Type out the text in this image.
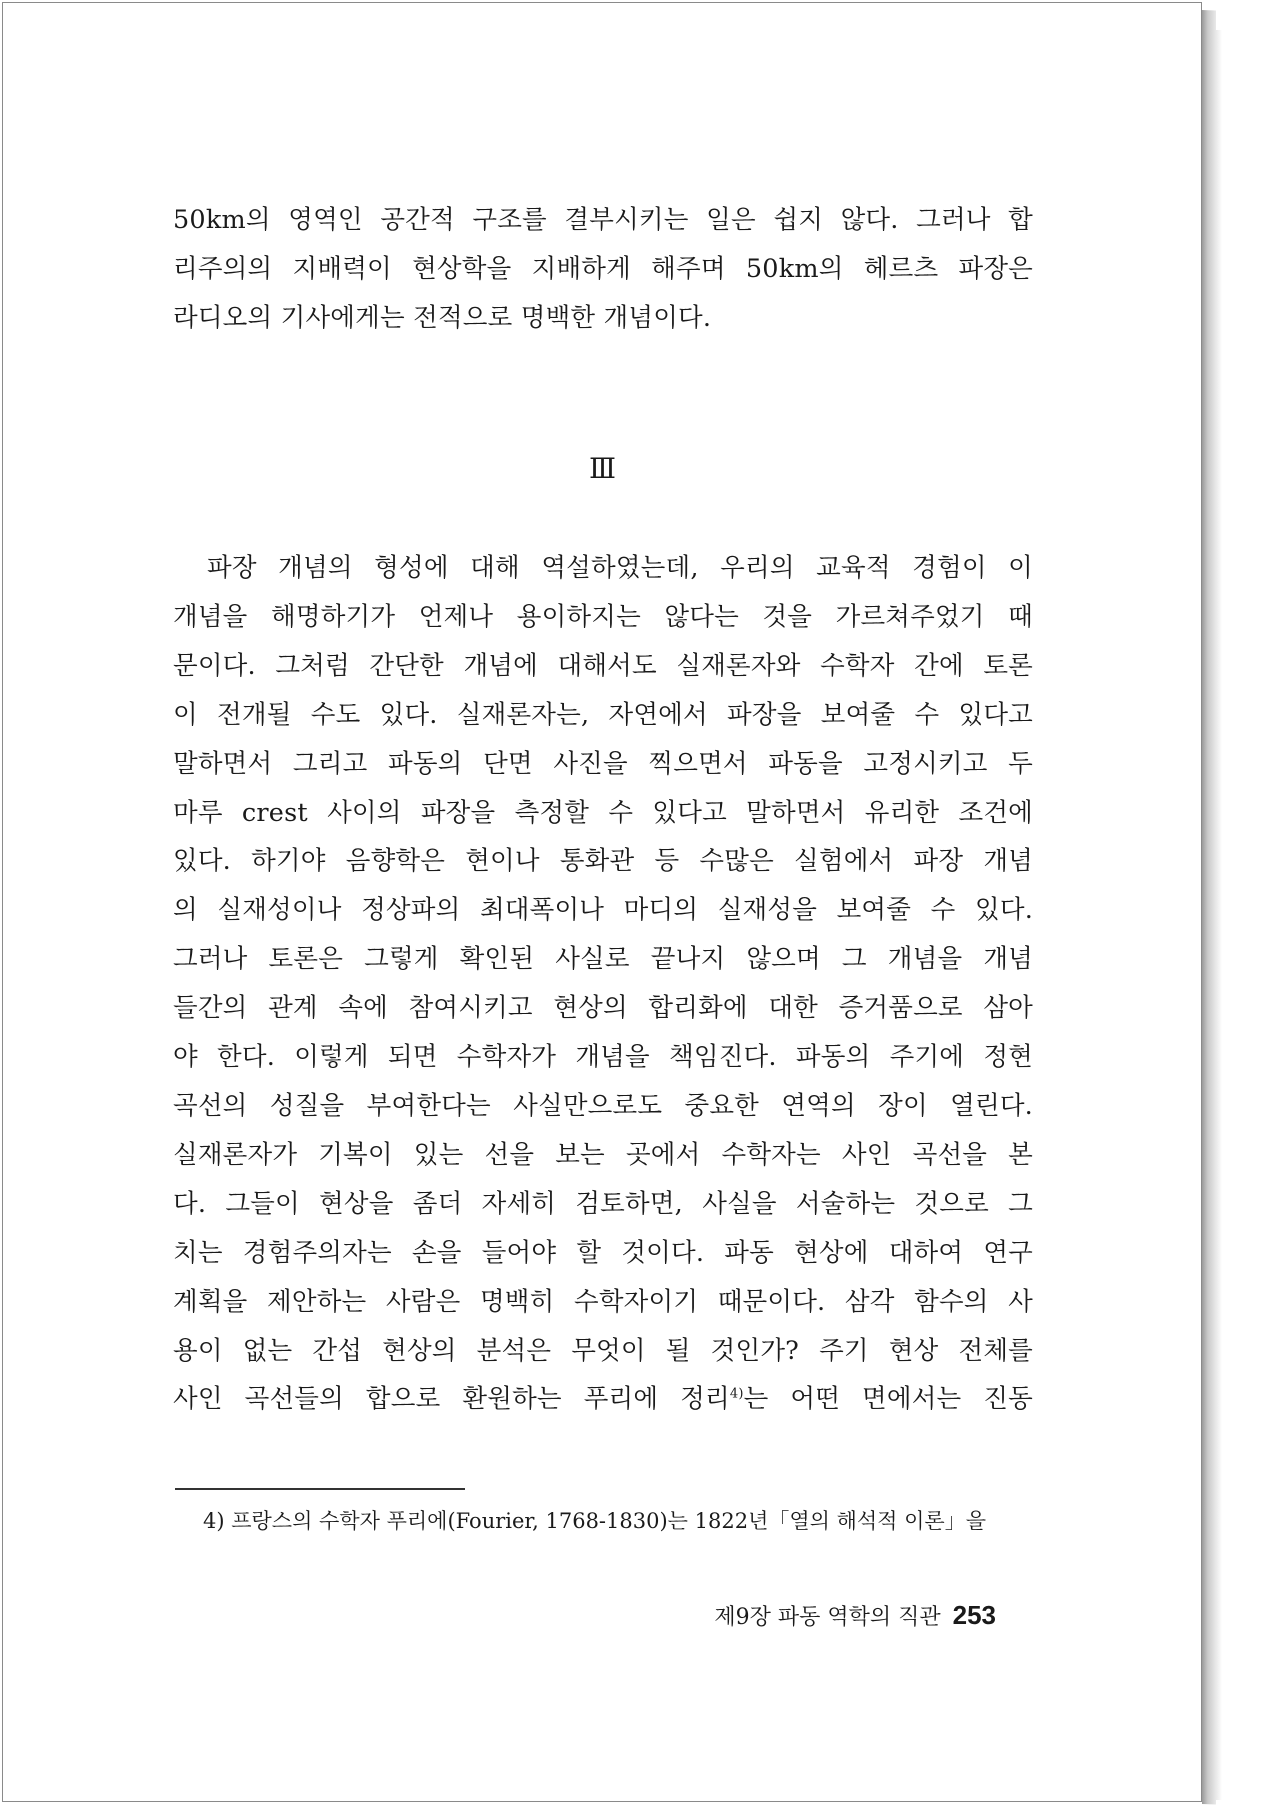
50km의 영역인 공간적 구조를 결부시키는 일은 쉽지 않다. 그러나 합
리주의의 지배력이 현상학을 지배하게 해주며 50km의 헤르츠 파장은
라디오의 기사에게는 전적으로 명백한 개념이다.
Ⅲ
파장 개념의 형성에 대해 역설하였는데, 우리의 교육적 경험이 이
개념을 해명하기가 언제나 용이하지는 않다는 것을 가르쳐주었기 때
문이다. 그처럼 간단한 개념에 대해서도 실재론자와 수학자 간에 토론
이 전개될 수도 있다. 실재론자는, 자연에서 파장을 보여줄 수 있다고
말하면서 그리고 파동의 단면 사진을 찍으면서 파동을 고정시키고 두
마루 crest 사이의 파장을 측정할 수 있다고 말하면서 유리한 조건에
있다. 하기야 음향학은 현이나 통화관 등 수많은 실험에서 파장 개념
의 실재성이나 정상파의 최대폭이나 마디의 실재성을 보여줄 수 있다.
그러나 토론은 그렇게 확인된 사실로 끝나지 않으며 그 개념을 개념
들간의 관계 속에 참여시키고 현상의 합리화에 대한 증거품으로 삼아
야 한다. 이렇게 되면 수학자가 개념을 책임진다. 파동의 주기에 정현
곡선의 성질을 부여한다는 사실만으로도 중요한 연역의 장이 열린다.
실재론자가 기복이 있는 선을 보는 곳에서 수학자는 사인 곡선을 본
다. 그들이 현상을 좀더 자세히 검토하면, 사실을 서술하는 것으로 그
치는 경험주의자는 손을 들어야 할 것이다. 파동 현상에 대하여 연구
계획을 제안하는 사람은 명백히 수학자이기 때문이다. 삼각 함수의 사
용이 없는 간섭 현상의 분석은 무엇이 될 것인가? 주기 현상 전체를
사인 곡선들의 합으로 환원하는 푸리에 정리$^{4)}$는 어떤 면에서는 진동
4) 프랑스의 수학자 푸리에(Fourier, 1768-1830)는 1822년「열의 해석적 이론」을
제9장 파동 역학의 직관 253
